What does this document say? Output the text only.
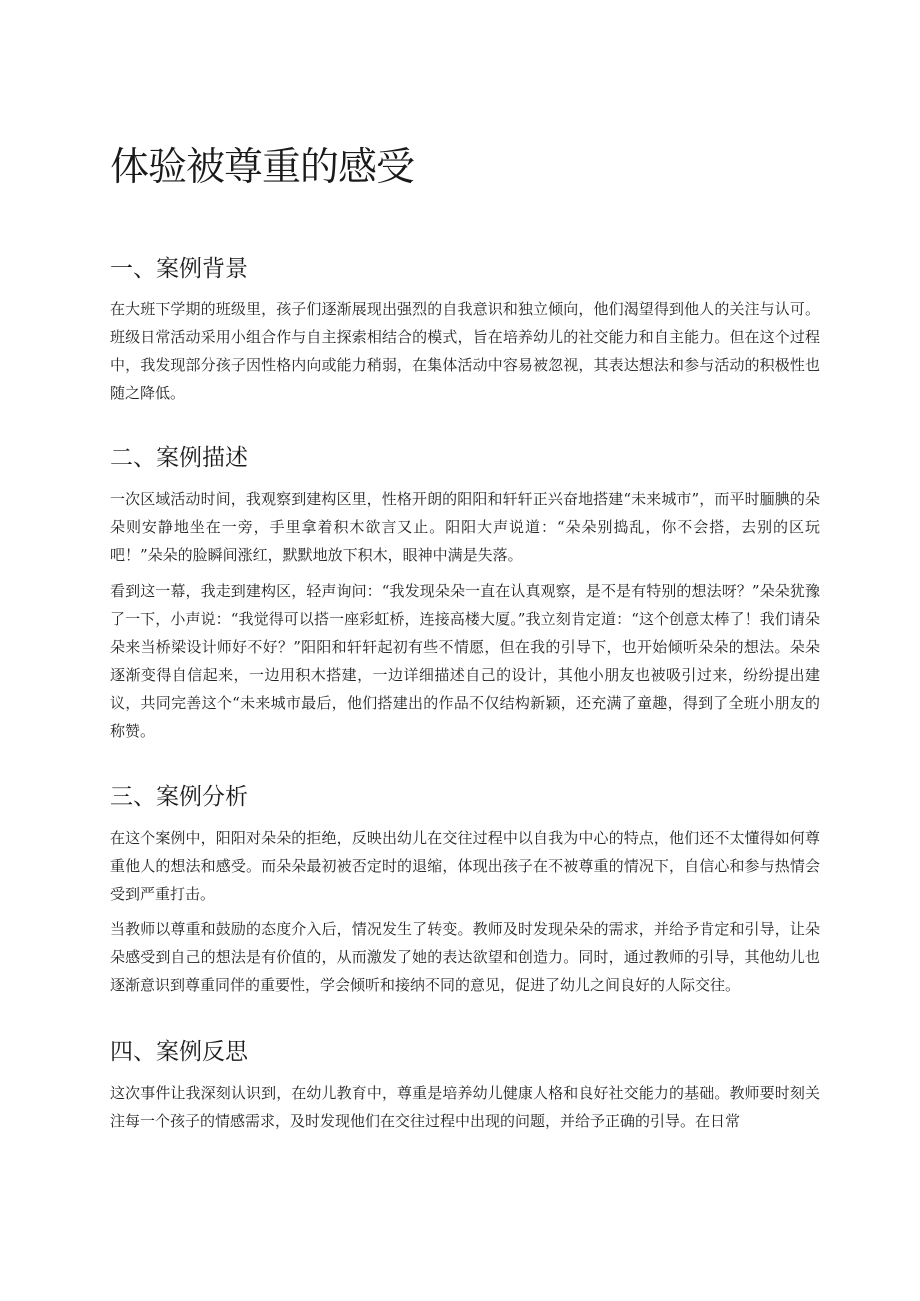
体验被尊重的感受
一、案例背景

在大班下学期的班级里，孩子们逐渐展现出强烈的自我意识和独立倾向，他们渴望得到他人的关注与认可。班级日常活动采用小组合作与自主探索相结合的模式，旨在培养幼儿的社交能力和自主能力。但在这个过程中，我发现部分孩子因性格内向或能力稍弱，在集体活动中容易被忽视，其表达想法和参与活动的积极性也随之降低。

二、案例描述

一次区域活动时间，我观察到建构区里，性格开朗的阳阳和轩轩正兴奋地搭建“未来城市”，而平时腼腆的朵朵则安静地坐在一旁，手里拿着积木欲言又止。阳阳大声说道：“朵朵别捣乱，你不会搭，去别的区玩吧！”朵朵的脸瞬间涨红，默默地放下积木，眼神中满是失落。

看到这一幕，我走到建构区，轻声询问：“我发现朵朵一直在认真观察，是不是有特别的想法呀？”朵朵犹豫了一下，小声说：“我觉得可以搭一座彩虹桥，连接高楼大厦。”我立刻肯定道：“这个创意太棒了！我们请朵朵来当桥梁设计师好不好？”阳阳和轩轩起初有些不情愿，但在我的引导下，也开始倾听朵朵的想法。朵朵逐渐变得自信起来，一边用积木搭建，一边详细描述自己的设计，其他小朋友也被吸引过来，纷纷提出建议，共同完善这个“未来城市最后，他们搭建出的作品不仅结构新颖，还充满了童趣，得到了全班小朋友的称赞。

三、案例分析

在这个案例中，阳阳对朵朵的拒绝，反映出幼儿在交往过程中以自我为中心的特点，他们还不太懂得如何尊重他人的想法和感受。而朵朵最初被否定时的退缩，体现出孩子在不被尊重的情况下，自信心和参与热情会受到严重打击。

当教师以尊重和鼓励的态度介入后，情况发生了转变。教师及时发现朵朵的需求，并给予肯定和引导，让朵朵感受到自己的想法是有价值的，从而激发了她的表达欲望和创造力。同时，通过教师的引导，其他幼儿也逐渐意识到尊重同伴的重要性，学会倾听和接纳不同的意见，促进了幼儿之间良好的人际交往。

四、案例反思

这次事件让我深刻认识到，在幼儿教育中，尊重是培养幼儿健康人格和良好社交能力的基础。教师要时刻关注每一个孩子的情感需求，及时发现他们在交往过程中出现的问题，并给予正确的引导。在日常
